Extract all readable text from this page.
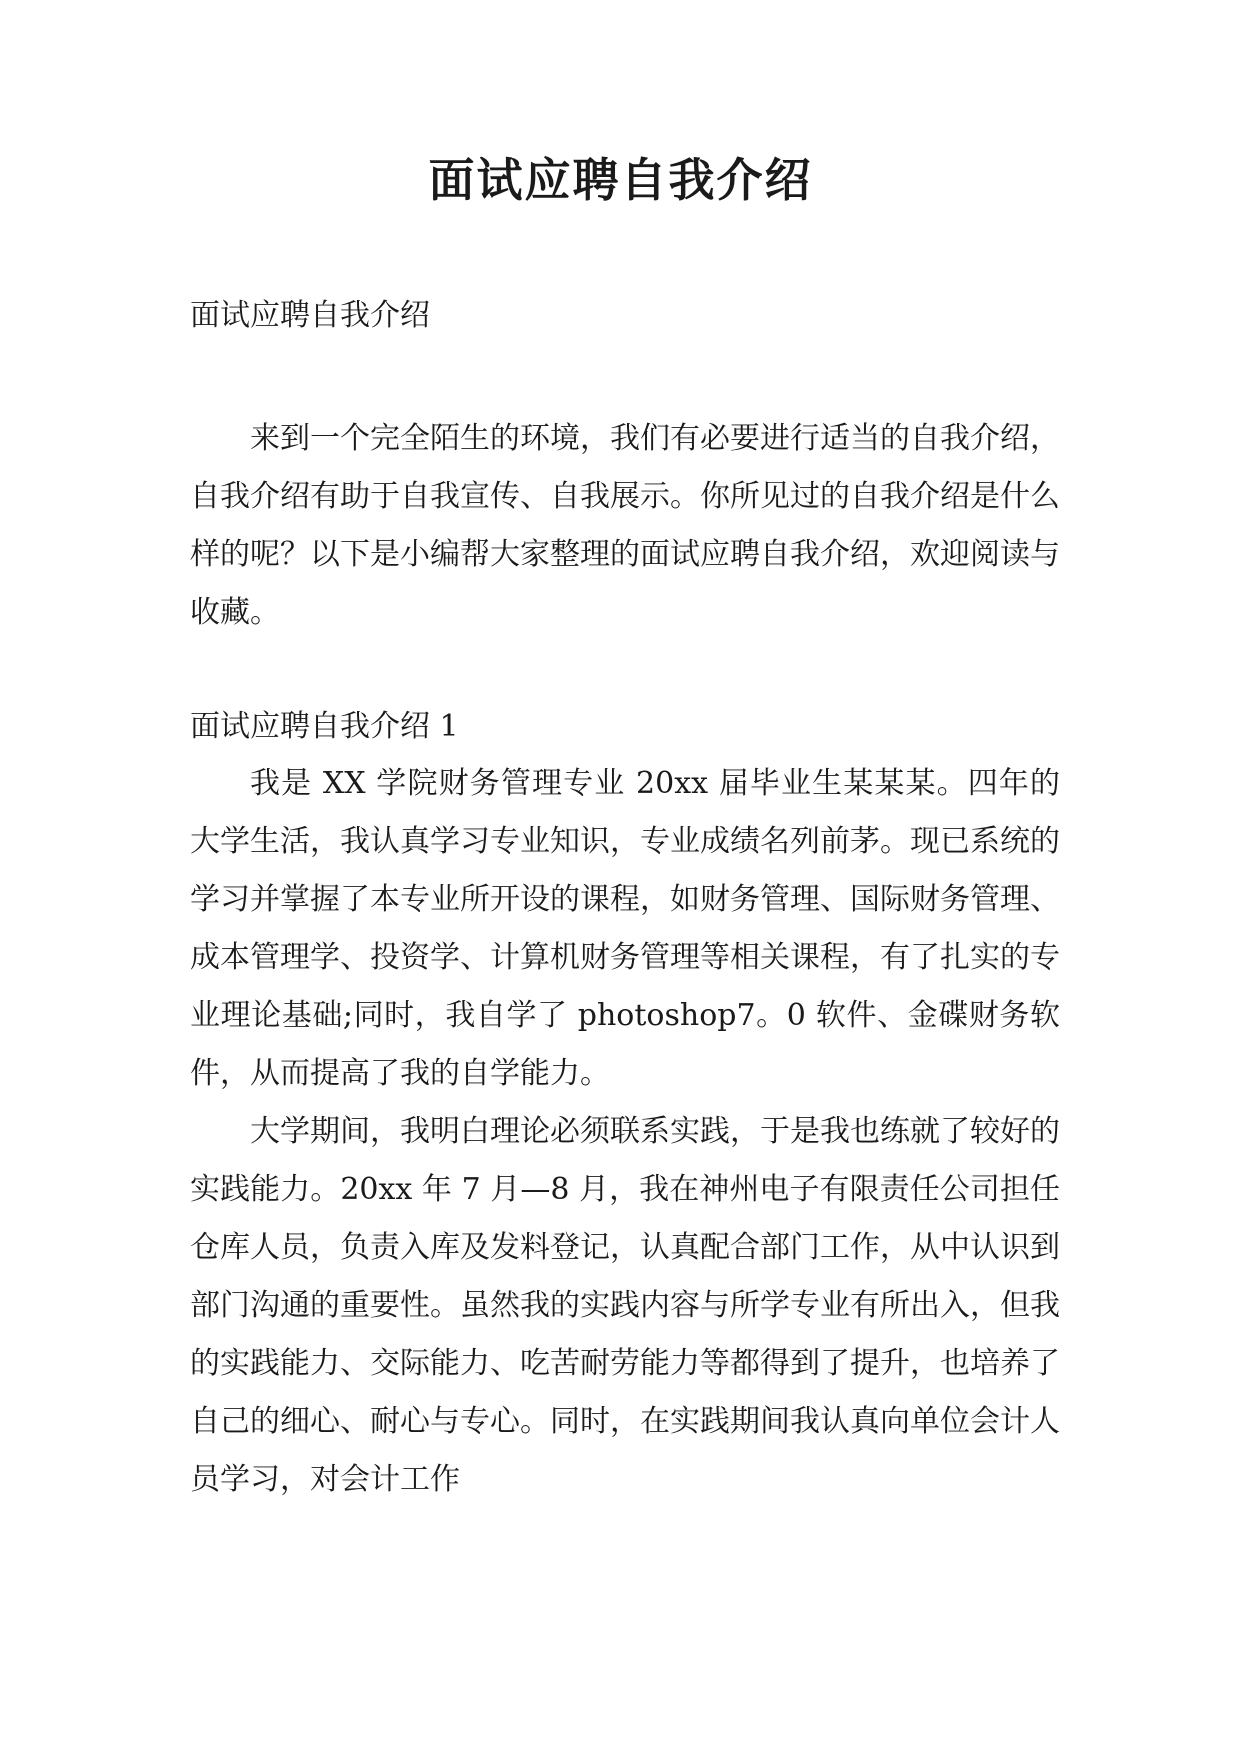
面试应聘自我介绍
面试应聘自我介绍

来到一个完全陌生的环境，我们有必要进行适当的自我介绍，自我介绍有助于自我宣传、自我展示。你所见过的自我介绍是什么样的呢？以下是小编帮大家整理的面试应聘自我介绍，欢迎阅读与收藏。

面试应聘自我介绍 1

我是 XX 学院财务管理专业 20xx 届毕业生某某某。四年的大学生活，我认真学习专业知识，专业成绩名列前茅。现已系统的学习并掌握了本专业所开设的课程，如财务管理、国际财务管理、成本管理学、投资学、计算机财务管理等相关课程，有了扎实的专业理论基础;同时，我自学了 photoshop7。0 软件、金碟财务软件，从而提高了我的自学能力。

大学期间，我明白理论必须联系实践，于是我也练就了较好的实践能力。20xx 年 7 月—8 月，我在神州电子有限责任公司担任仓库人员，负责入库及发料登记，认真配合部门工作，从中认识到部门沟通的重要性。虽然我的实践内容与所学专业有所出入，但我的实践能力、交际能力、吃苦耐劳能力等都得到了提升，也培养了自己的细心、耐心与专心。同时，在实践期间我认真向单位会计人员学习，对会计工作
